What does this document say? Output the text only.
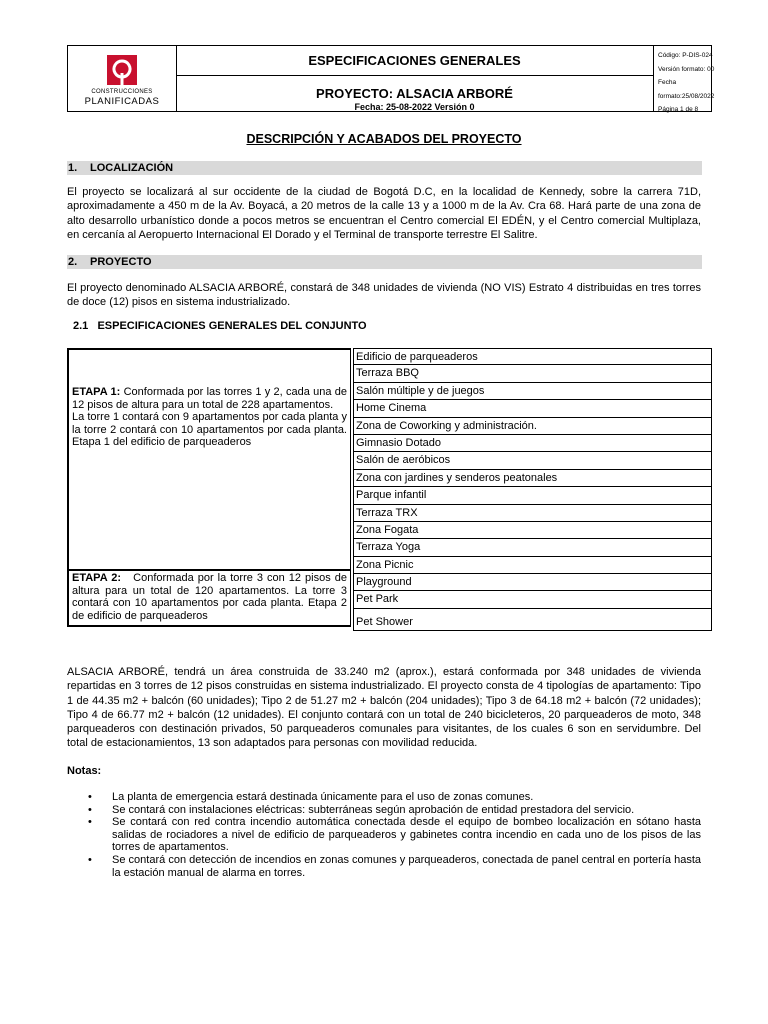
CONSTRUCCIONES
PLANIFICADAS
ESPECIFICACIONES GENERALES
PROYECTO: ALSACIA ARBORÉ
Fecha: 25-08-2022 Versión 0
Código: P-DIS-024
Versión formato: 00
Fecha formato:25/08/2022
Página 1 de 8
DESCRIPCIÓN Y ACABADOS DEL PROYECTO
1. LOCALIZACIÓN
El proyecto se localizará al sur occidente de la ciudad de Bogotá D.C, en la localidad de Kennedy, sobre la carrera 71D, aproximadamente a 450 m de la Av. Boyacá, a 20 metros de la calle 13 y a 1000 m de la Av. Cra 68. Hará parte de una zona de alto desarrollo urbanístico donde a pocos metros se encuentran el Centro comercial El EDÉN, y el Centro comercial Multiplaza, en cercanía al Aeropuerto Internacional El Dorado y el Terminal de transporte terrestre El Salitre.
2. PROYECTO
El proyecto denominado ALSACIA ARBORÉ, constará de 348 unidades de vivienda (NO VIS) Estrato 4 distribuidas en tres torres de doce (12) pisos en sistema industrializado.
2.1   ESPECIFICACIONES GENERALES DEL CONJUNTO
ETAPA 1: Conformada por las torres 1 y 2, cada una de 12 pisos de altura para un total de 228 apartamentos.
La torre 1 contará con 9 apartamentos por cada planta y la torre 2 contará con 10 apartamentos por cada planta. Etapa 1 del edificio de parqueaderos
ETAPA 2:   Conformada por la torre 3 con 12 pisos de altura para un total de 120 apartamentos. La torre 3 contará con 10 apartamentos por cada planta. Etapa 2 de edificio de parqueaderos
Edificio de parqueaderos
Terraza BBQ
Salón múltiple y de juegos
Home Cinema
Zona de Coworking y administración.
Gimnasio Dotado
Salón de aeróbicos
Zona con jardines y senderos peatonales
Parque infantil
Terraza TRX
Zona Fogata
Terraza Yoga
Zona Picnic
Playground
Pet Park
Pet Shower
ALSACIA ARBORÉ, tendrá un área construida de 33.240 m2 (aprox.), estará conformada por 348 unidades de vivienda repartidas en 3 torres de 12 pisos construidas en sistema industrializado. El proyecto consta de 4 tipologías de apartamento: Tipo 1 de 44.35 m2 + balcón (60 unidades); Tipo 2 de 51.27 m2 + balcón (204 unidades); Tipo 3 de 64.18 m2 + balcón (72 unidades); Tipo 4 de 66.77 m2 + balcón (12 unidades). El conjunto contará con un total de 240 bicicleteros, 20 parqueaderos de moto, 348 parqueaderos con destinación privados, 50 parqueaderos comunales para visitantes, de los cuales 6 son en servidumbre. Del total de estacionamientos, 13 son adaptados para personas con movilidad reducida.
Notas:
• La planta de emergencia estará destinada únicamente para el uso de zonas comunes.
• Se contará con instalaciones eléctricas: subterráneas según aprobación de entidad prestadora del servicio.
• Se contará con red contra incendio automática conectada desde el equipo de bombeo localización en sótano hasta salidas de rociadores a nivel de edificio de parqueaderos y gabinetes contra incendio en cada uno de los pisos de las torres de apartamentos.
• Se contará con detección de incendios en zonas comunes y parqueaderos, conectada de panel central en portería hasta la estación manual de alarma en torres.
